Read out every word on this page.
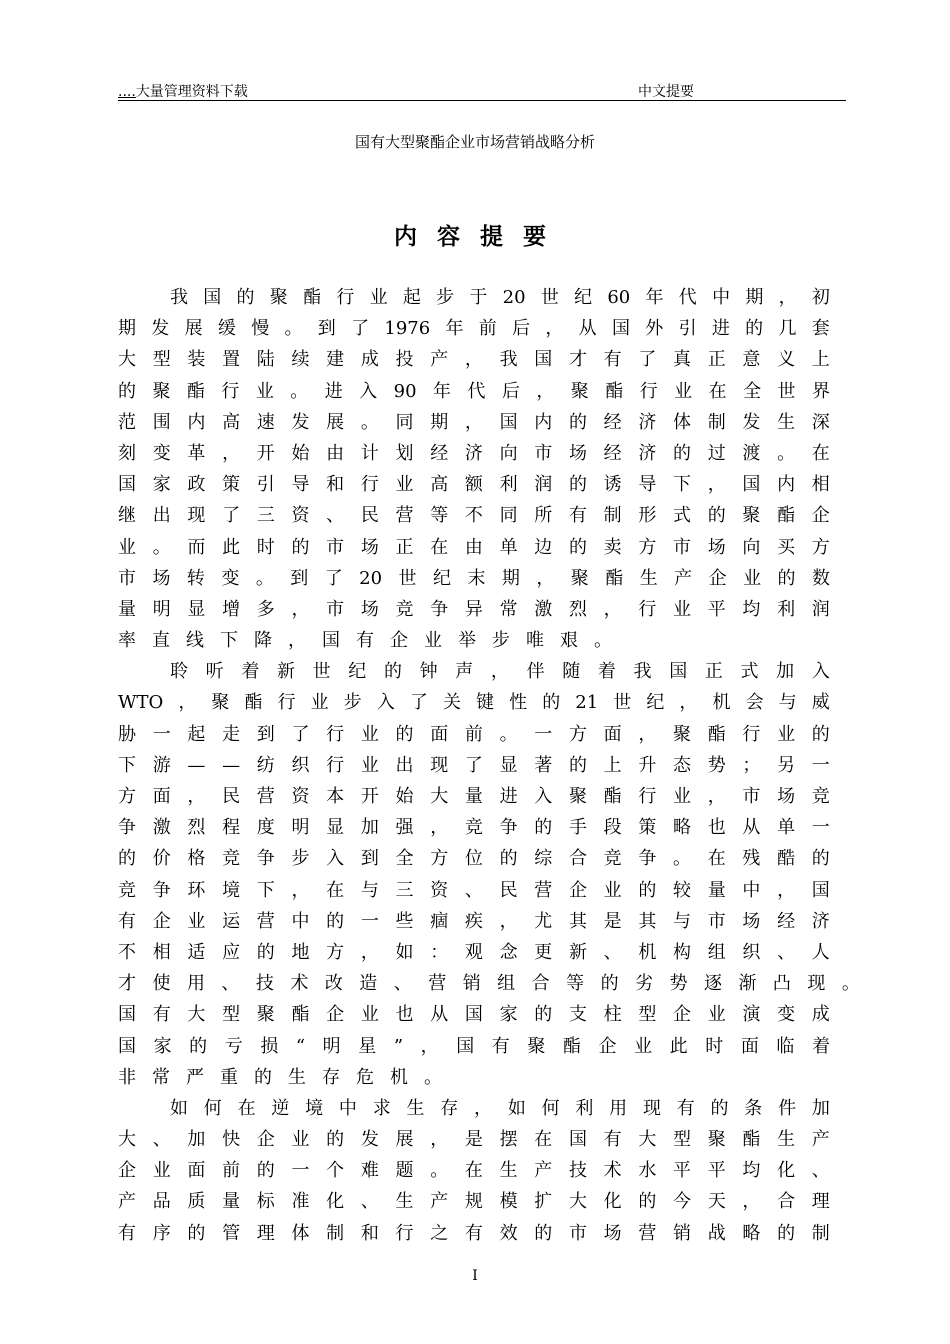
....大量管理资料下载	中文提要
国有大型聚酯企业市场营销战略分析
内容提要
我 国 的 聚 酯 行 业 起 步 于 20 世 纪 60 年 代 中 期 ， 初
期 发 展 缓 慢 。 到 了 1976 年 前 后 ， 从 国 外 引 进 的 几 套
大 型 装 置 陆 续 建 成 投 产 ， 我 国 才 有 了 真 正 意 义 上
的 聚 酯 行 业 。 进 入 90 年 代 后 ， 聚 酯 行 业 在 全 世 界
范 围 内 高 速 发 展 。 同 期 ， 国 内 的 经 济 体 制 发 生 深
刻 变 革 ， 开 始 由 计 划 经 济 向 市 场 经 济 的 过 渡 。 在
国 家 政 策 引 导 和 行 业 高 额 利 润 的 诱 导 下 ， 国 内 相
继 出 现 了 三 资 、 民 营 等 不 同 所 有 制 形 式 的 聚 酯 企
业 。 而 此 时 的 市 场 正 在 由 单 边 的 卖 方 市 场 向 买 方
市 场 转 变 。 到 了 20 世 纪 末 期 ， 聚 酯 生 产 企 业 的 数
量 明 显 增 多 ， 市 场 竞 争 异 常 激 烈 ， 行 业 平 均 利 润
率 直 线 下 降 ， 国 有 企 业 举 步 唯 艰 。
聆 听 着 新 世 纪 的 钟 声 ， 伴 随 着 我 国 正 式 加 入
WTO ， 聚 酯 行 业 步 入 了 关 键 性 的 21 世 纪 ， 机 会 与 威
胁 一 起 走 到 了 行 业 的 面 前 。 一 方 面 ， 聚 酯 行 业 的
下 游 — — 纺 织 行 业 出 现 了 显 著 的 上 升 态 势 ； 另 一
方 面 ， 民 营 资 本 开 始 大 量 进 入 聚 酯 行 业 ， 市 场 竞
争 激 烈 程 度 明 显 加 强 ， 竞 争 的 手 段 策 略 也 从 单 一
的 价 格 竞 争 步 入 到 全 方 位 的 综 合 竞 争 。 在 残 酷 的
竞 争 环 境 下 ， 在 与 三 资 、 民 营 企 业 的 较 量 中 ， 国
有 企 业 运 营 中 的 一 些 痼 疾 ， 尤 其 是 其 与 市 场 经 济
不 相 适 应 的 地 方 ， 如 ： 观 念 更 新 、 机 构 组 织 、 人
才 使 用 、 技 术 改 造 、 营 销 组 合 等 的 劣 势 逐 渐 凸 现 。
国 有 大 型 聚 酯 企 业 也 从 国 家 的 支 柱 型 企 业 演 变 成
国 家 的 亏 损 “ 明 星 ” ， 国 有 聚 酯 企 业 此 时 面 临 着
非 常 严 重 的 生 存 危 机 。
如 何 在 逆 境 中 求 生 存 ， 如 何 利 用 现 有 的 条 件 加
大 、 加 快 企 业 的 发 展 ， 是 摆 在 国 有 大 型 聚 酯 生 产
企 业 面 前 的 一 个 难 题 。 在 生 产 技 术 水 平 平 均 化 、
产 品 质 量 标 准 化 、 生 产 规 模 扩 大 化 的 今 天 ， 合 理
有 序 的 管 理 体 制 和 行 之 有 效 的 市 场 营 销 战 略 的 制
I
